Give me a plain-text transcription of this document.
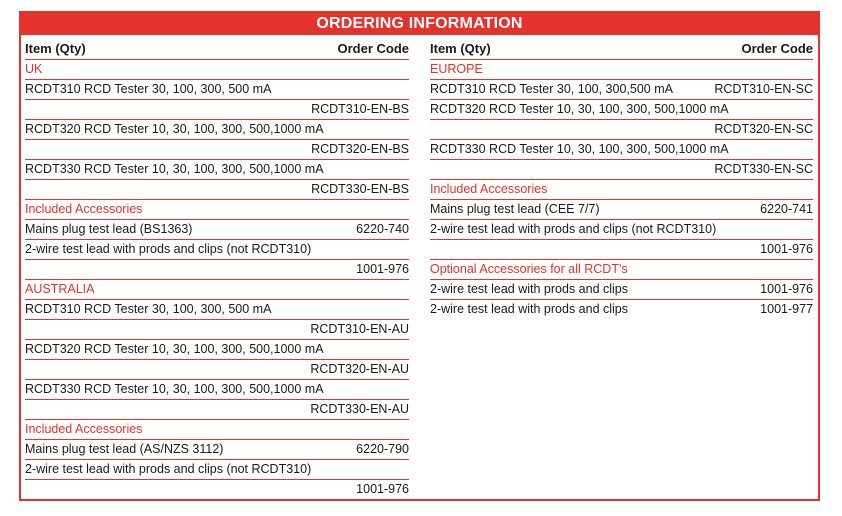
ORDERING INFORMATION
Item (Qty)	Order Code
UK
RCDT310 RCD Tester 30, 100, 300, 500 mA
RCDT310-EN-BS
RCDT320 RCD Tester 10, 30, 100, 300, 500,1000 mA
RCDT320-EN-BS
RCDT330 RCD Tester 10, 30, 100, 300, 500,1000 mA
RCDT330-EN-BS
Included Accessories
Mains plug test lead (BS1363)	6220-740
2-wire test lead with prods and clips (not RCDT310)
1001-976
AUSTRALIA
RCDT310 RCD Tester 30, 100, 300, 500 mA
RCDT310-EN-AU
RCDT320 RCD Tester 10, 30, 100, 300, 500,1000 mA
RCDT320-EN-AU
RCDT330 RCD Tester 10, 30, 100, 300, 500,1000 mA
RCDT330-EN-AU
Included Accessories
Mains plug test lead (AS/NZS 3112)	6220-790
2-wire test lead with prods and clips (not RCDT310)
1001-976
Item (Qty)	Order Code
EUROPE
RCDT310 RCD Tester 30, 100, 300,500 mA	RCDT310-EN-SC
RCDT320 RCD Tester 10, 30, 100, 300, 500,1000 mA
RCDT320-EN-SC
RCDT330 RCD Tester 10, 30, 100, 300, 500,1000 mA
RCDT330-EN-SC
Included Accessories
Mains plug test lead (CEE 7/7)	6220-741
2-wire test lead with prods and clips (not RCDT310)
1001-976
Optional Accessories for all RCDT's
2-wire test lead with prods and clips	1001-976
2-wire test lead with prods and clips	1001-977
